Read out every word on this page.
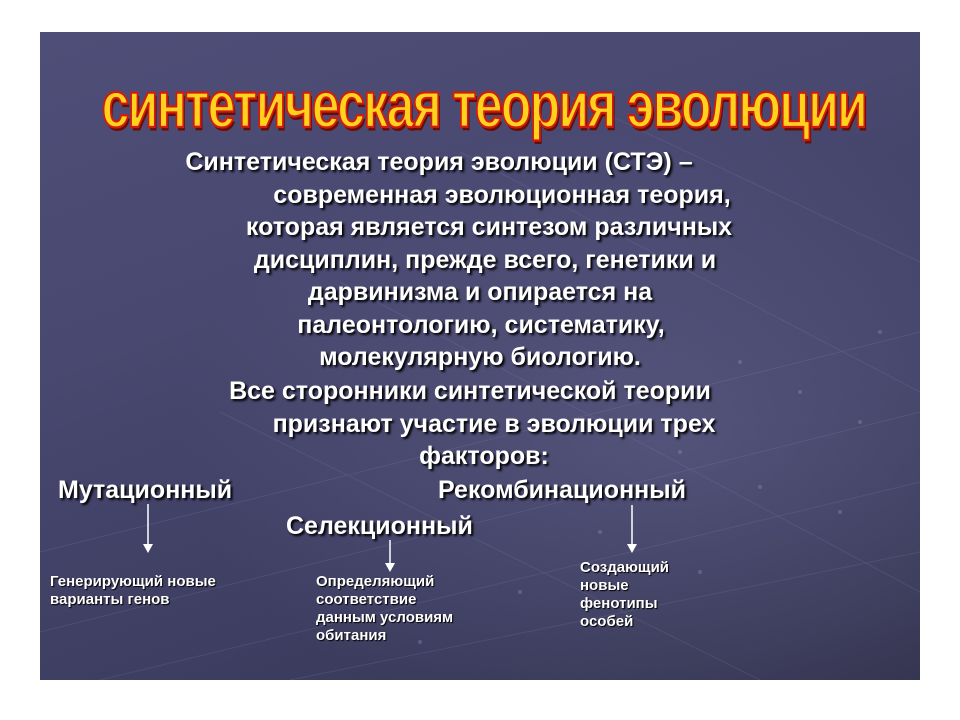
синтетическая теория эволюции
Синтетическая теория эволюции (СТЭ) –
современная эволюционная теория,
которая является синтезом различных
дисциплин, прежде всего, генетики и
дарвинизма и опирается на
палеонтологию, систематику,
молекулярную биологию.
Все сторонники синтетической теории
признают участие в эволюции трех
факторов:
Мутационный	Рекомбинационный
Селекционный
Генерирующий новые
варианты генов
Определяющий
соответствие
данным условиям
обитания
Создающий
новые
фенотипы
особей
